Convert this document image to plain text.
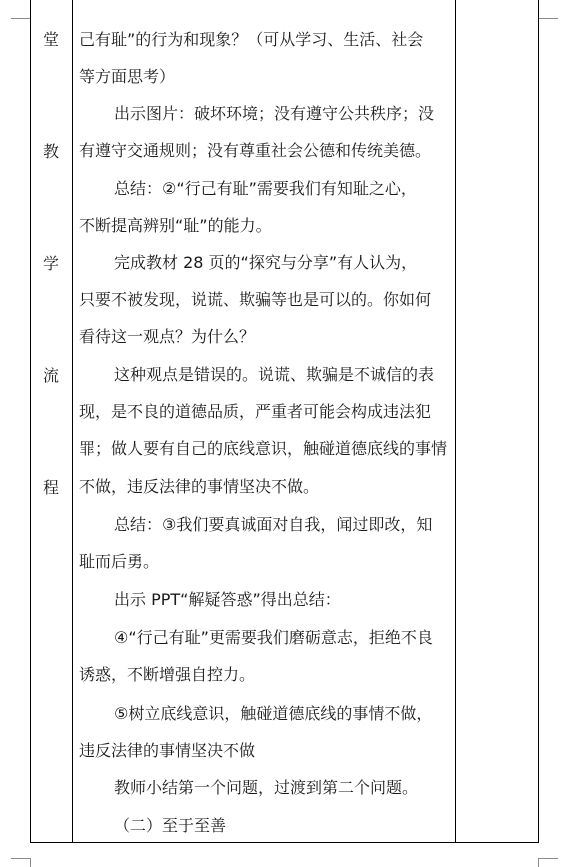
堂
教
学
流
程
己有耻”的行为和现象？（可从学习、生活、社会
等方面思考）
出示图片：破坏环境；没有遵守公共秩序；没
有遵守交通规则；没有尊重社会公德和传统美德。
总结：②“行己有耻”需要我们有知耻之心，
不断提高辨别“耻”的能力。
完成教材 28 页的“探究与分享”有人认为，
只要不被发现，说谎、欺骗等也是可以的。你如何
看待这一观点？为什么？
这种观点是错误的。说谎、欺骗是不诚信的表
现，是不良的道德品质，严重者可能会构成违法犯
罪；做人要有自己的底线意识，触碰道德底线的事情
不做，违反法律的事情坚决不做。
总结：③我们要真诚面对自我，闻过即改，知
耻而后勇。
出示 PPT“解疑答惑”得出总结：
④“行己有耻”更需要我们磨砺意志，拒绝不良
诱惑，不断增强自控力。
⑤树立底线意识，触碰道德底线的事情不做，
违反法律的事情坚决不做
教师小结第一个问题，过渡到第二个问题。
（二）至于至善
